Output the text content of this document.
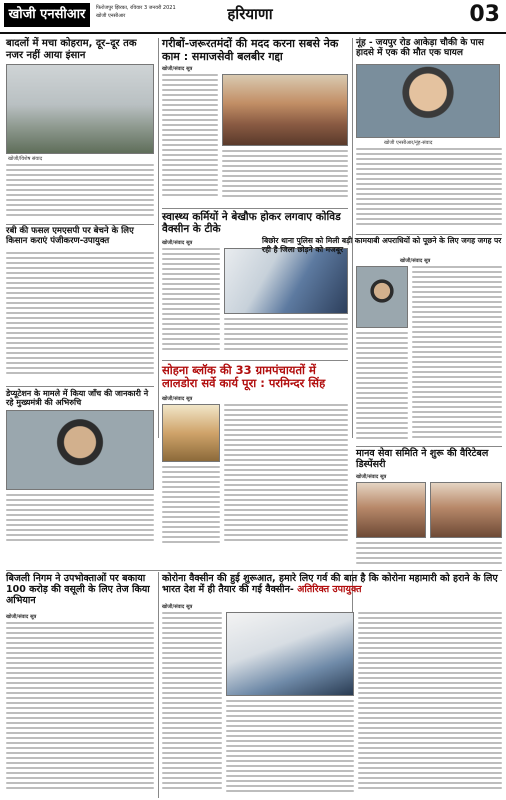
खोजी एनसीआर	फिरोजपुर झिरका, रविवार 3 जनवरी 2021
खोजी एनसीआर	हरियाणा	03
बादलों में मचा कोहराम, दूर–दूर तक नजर नहीं आया इंसान
खोजी/विशेष संवाद
रबी की फसल एमएसपी पर बेचने के लिए किसान कराएं पंजीकरण-उपायुक्त
डेप्यूटेशन के मामले में किया जाँच की जानकारी ने रहे मुख्यमंत्री की अभिरुचि
गरीबों-जरूरतमंदों की मदद करना सबसे नेक काम : समाजसेवी बलबीर गद्दा
खोजी/संवाद सूत्र
स्वास्थ्य कर्मियों ने बेखौफ होकर लगवाए कोविड वैक्सीन के टीके
खोजी/संवाद सूत्र
सोहना ब्लॉक की 33 ग्रामपंचायतों में लालडोरा सर्वे कार्य पूरा : परमिन्दर सिंह
खोजी/संवाद सूत्र
नूंह - जयपुर रोड आकेड़ा चौकी के पास हादसे में एक की मौत एक घायल
खोजी एनसीआर/नूंह-संवाद
बिछोर थाना पुलिस को मिली बड़ी कामयाबी अपराधियों को पूछने के लिए जगह जगह पर रही है जिला छोड़ने को मजबूर
खोजी/संवाद सूत्र
मानव सेवा समिति ने शुरू की वैरिटेबल डिस्पेंसरी
खोजी/संवाद सूत्र
बिजली निगम ने उपभोक्ताओं पर बकाया 100 करोड़ की वसूली के लिए तेज किया अभियान
खोजी/संवाद सूत्र
कोरोना वैक्सीन की हुई शुरूआत, हमारे लिए गर्व की बात है कि कोरोना महामारी को हराने के लिए भारत देश में ही तैयार की गई वैक्सीन- अतिरिक्त उपायुक्त
खोजी/संवाद सूत्र
